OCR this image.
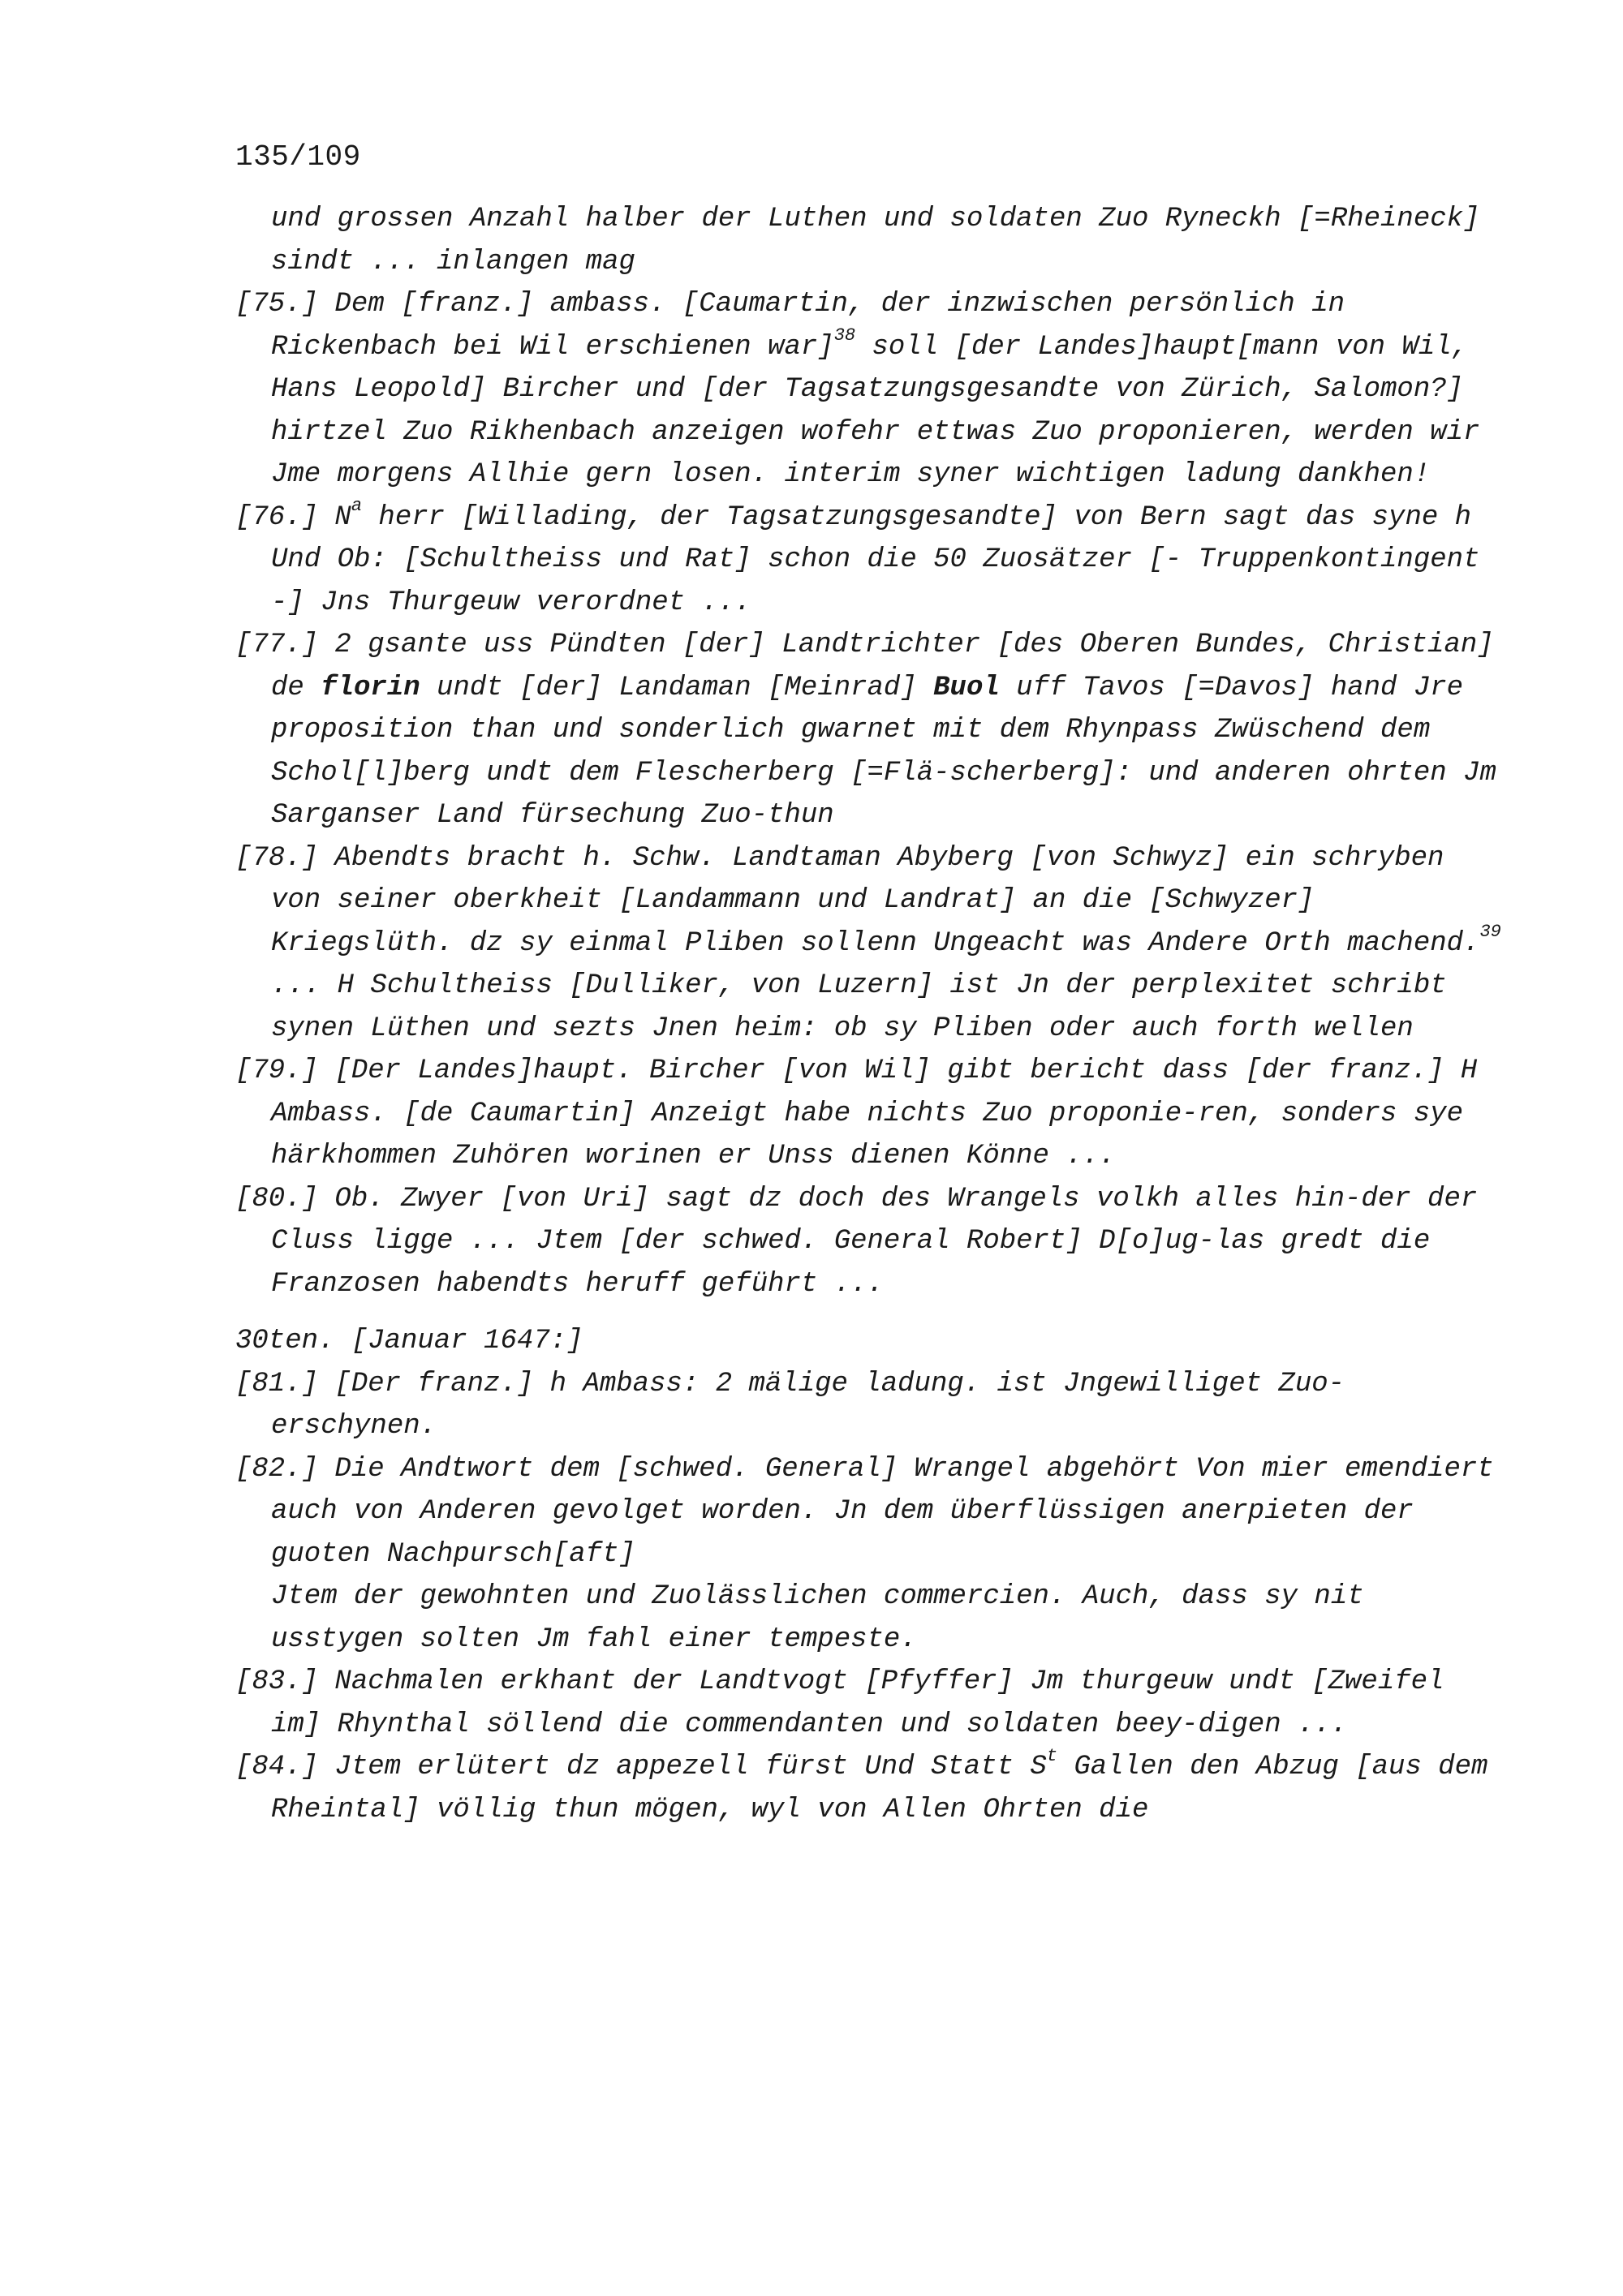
135/109

und grossen Anzahl halber der Luthen und soldaten Zuo Ryneckh [=Rheineck] sindt ... inlangen mag

[75.] Dem [franz.] ambass. [Caumartin, der inzwischen persönlich in Rickenbach bei Wil erschienen war]$^{38}$ soll [der Landes]haupt[mann von Wil, Hans Leopold] Bircher und [der Tagsatzungsgesandte von Zürich, Salomon?] hirtzel Zuo Rikhenbach anzeigen wofehr ettwas Zuo proponieren, werden wir Jme morgens Allhie gern losen. interim syner wichtigen ladung dankhen!

[76.] $N^a$ herr [Willading, der Tagsatzungsgesandte] von Bern sagt das syne h Und Ob: [Schultheiss und Rat] schon die 50 Zuosätzer [- Truppenkontingent -] Jns Thurgeuw verordnet ...

[77.] 2 gsante uss Pündten [der] Landtrichter [des Oberen Bundes, Christian] de florin undt [der] Landaman [Meinrad] Buol uff Tavos [=Davos] hand Jre proposition than und sonderlich gwarnet mit dem Rhynpass Zwüschend dem Schol[l]berg undt dem Flescherberg [=Flä-scherberg]: und anderen ohrten Jm Sarganser Land fürsechung Zuo-thun

[78.] Abendts bracht h. Schw. Landtaman Abyberg [von Schwyz] ein schryben von seiner oberkheit [Landammann und Landrat] an die [Schwyzer] Kriegslüth. dz sy einmal Pliben sollenn Ungeacht was Andere Orth machend.$^{39}$ ... H Schultheiss [Dulliker, von Luzern] ist Jn der perplexitet schribt synen Lüthen und sezts Jnen heim: ob sy Pliben oder auch forth wellen

[79.] [Der Landes]haupt. Bircher [von Wil] gibt bericht dass [der franz.] H Ambass. [de Caumartin] Anzeigt habe nichts Zuo proponie-ren, sonders sye härkhommen Zuhören worinen er Unss dienen Könne ...

[80.] Ob. Zwyer [von Uri] sagt dz doch des Wrangels volkh alles hin-der der Cluss ligge ... Jtem [der schwed. General Robert] D[o]ug-las gredt die Franzosen habendts heruff geführt ...

30ten. [Januar 1647:]

[81.] [Der franz.] h Ambass: 2 mälige ladung. ist Jngewilliget Zuo-erschynen.

[82.] Die Andtwort dem [schwed. General] Wrangel abgehört Von mier emendiert auch von Anderen gevolget worden. Jn dem überflüssigen anerpieten der guoten Nachpursch[aft]

Jtem der gewohnten und Zuolässlichen commercien. Auch, dass sy nit usstygen solten Jm fahl einer tempeste.

[83.] Nachmalen erkhant der Landtvogt [Pfyffer] Jm thurgeuw undt [Zweifel im] Rhynthal söllend die commendanten und soldaten beey-digen ...

[84.] Jtem erlütert dz appezell fürst Und Statt $S^t$ Gallen den Abzug [aus dem Rheintal] völlig thun mögen, wyl von Allen Ohrten die
